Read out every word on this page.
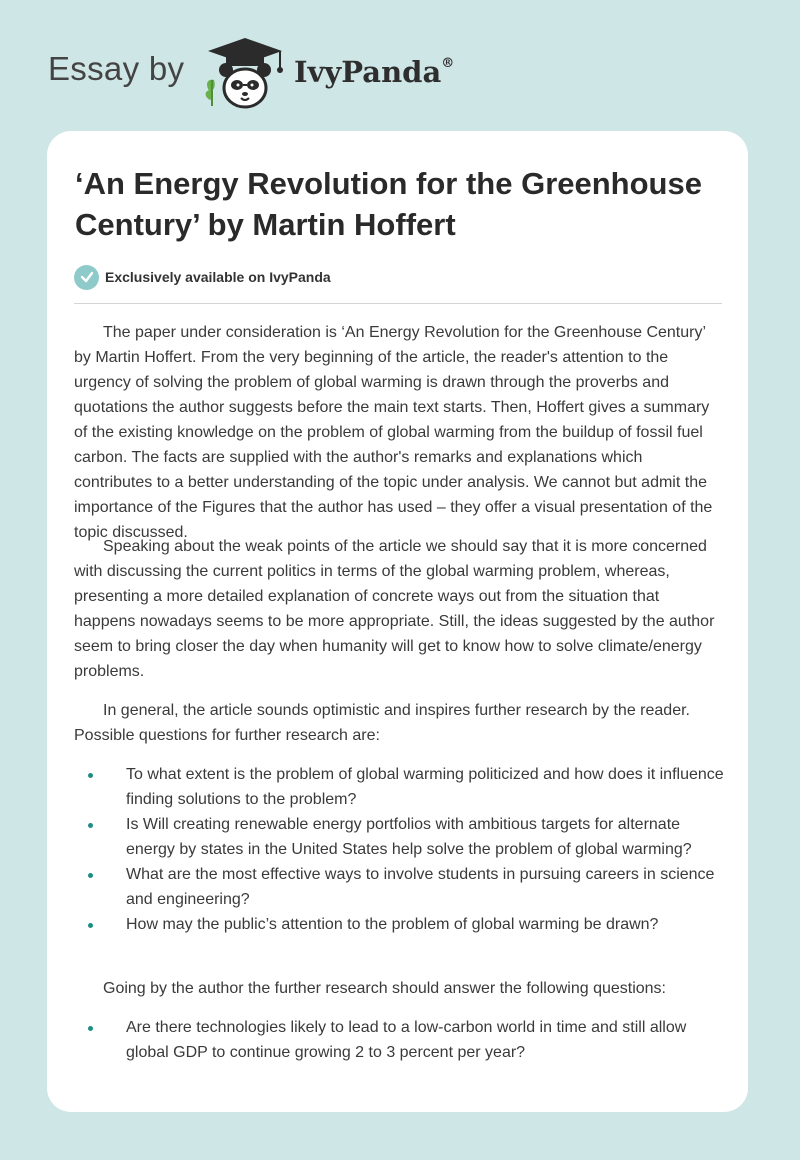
Essay by	IvyPanda®
‘An Energy Revolution for the Greenhouse Century’ by Martin Hoffert
Exclusively available on IvyPanda

The paper under consideration is ‘An Energy Revolution for the Greenhouse Century’ by Martin Hoffert. From the very beginning of the article, the reader's attention to the urgency of solving the problem of global warming is drawn through the proverbs and quotations the author suggests before the main text starts. Then, Hoffert gives a summary of the existing knowledge on the problem of global warming from the buildup of fossil fuel carbon. The facts are supplied with the author's remarks and explanations which contributes to a better understanding of the topic under analysis. We cannot but admit the importance of the Figures that the author has used – they offer a visual presentation of the topic discussed.

Speaking about the weak points of the article we should say that it is more concerned with discussing the current politics in terms of the global warming problem, whereas, presenting a more detailed explanation of concrete ways out from the situation that happens nowadays seems to be more appropriate. Still, the ideas suggested by the author seem to bring closer the day when humanity will get to know how to solve climate/energy problems.

In general, the article sounds optimistic and inspires further research by the reader. Possible questions for further research are:

To what extent is the problem of global warming politicized and how does it influence finding solutions to the problem?
Is Will creating renewable energy portfolios with ambitious targets for alternate energy by states in the United States help solve the problem of global warming?
What are the most effective ways to involve students in pursuing careers in science and engineering?
How may the public’s attention to the problem of global warming be drawn?

Going by the author the further research should answer the following questions:

Are there technologies likely to lead to a low-carbon world in time and still allow global GDP to continue growing 2 to 3 percent per year?
